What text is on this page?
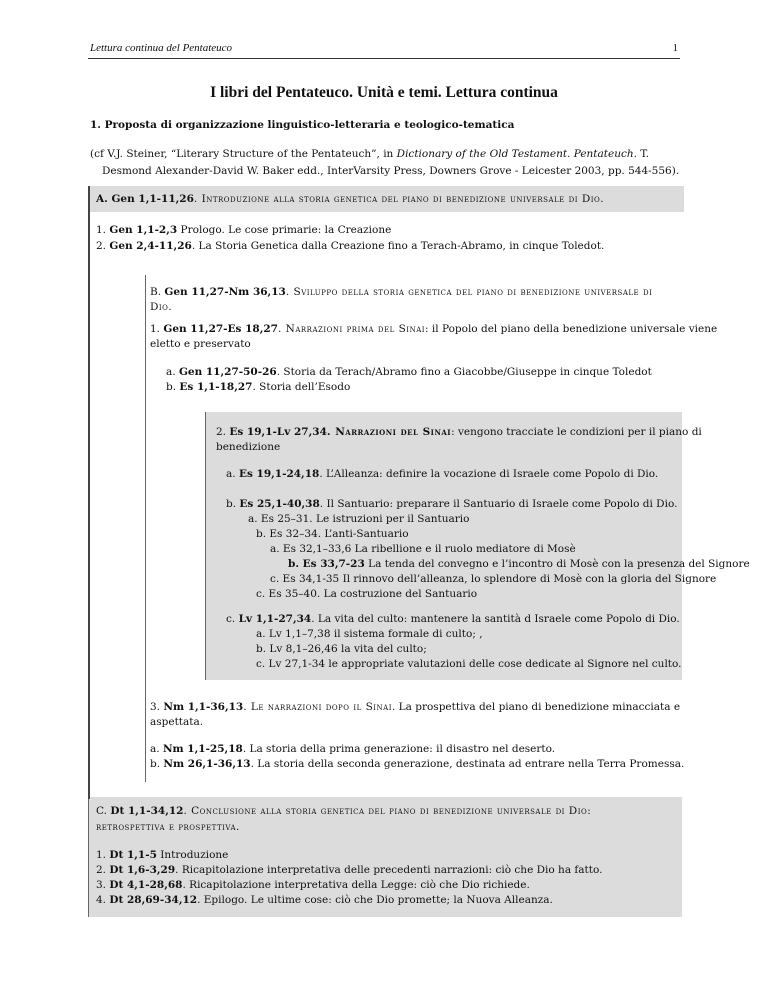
Lettura continua del Pentateuco	1
I libri del Pentateuco. Unità e temi. Lettura continua
1. Proposta di organizzazione linguistico-letteraria e teologico-tematica
(cf V.J. Steiner, “Literary Structure of the Pentateuch”, in Dictionary of the Old Testament. Pentateuch. T. Desmond Alexander-David W. Baker edd., InterVarsity Press, Downers Grove - Leicester 2003, pp. 544-556).
A. Gen 1,1-11,26. Introduzione alla storia genetica del piano di benedizione universale di Dio.
1. Gen 1,1-2,3 Prologo. Le cose primarie: la Creazione
2. Gen 2,4-11,26. La Storia Genetica dalla Creazione fino a Terach-Abramo, in cinque Toledot.
B. Gen 11,27-Nm 36,13. Sviluppo della storia genetica del piano di benedizione universale di
Dio.
1. Gen 11,27-Es 18,27. Narrazioni prima del Sinai: il Popolo del piano della benedizione universale viene
eletto e preservato
a. Gen 11,27-50-26. Storia da Terach/Abramo fino a Giacobbe/Giuseppe in cinque Toledot
b. Es 1,1-18,27. Storia dell’Esodo
2. Es 19,1-Lv 27,34. Narrazioni del Sinai: vengono tracciate le condizioni per il piano di
benedizione
a. Es 19,1-24,18. L’Alleanza: definire la vocazione di Israele come Popolo di Dio.
b. Es 25,1-40,38. Il Santuario: preparare il Santuario di Israele come Popolo di Dio.
a. Es 25–31. Le istruzioni per il Santuario
b. Es 32–34. L’anti-Santuario
a. Es 32,1–33,6 La ribellione e il ruolo mediatore di Mosè
b. Es 33,7-23 La tenda del convegno e l’incontro di Mosè con la presenza del Signore
c. Es 34,1-35 Il rinnovo dell’alleanza, lo splendore di Mosè con la gloria del Signore
c. Es 35–40. La costruzione del Santuario
c. Lv 1,1-27,34. La vita del culto: mantenere la santità d Israele come Popolo di Dio.
a. Lv 1,1–7,38 il sistema formale di culto; ,
b. Lv 8,1–26,46 la vita del culto;
c. Lv 27,1-34 le appropriate valutazioni delle cose dedicate al Signore nel culto.
3. Nm 1,1-36,13. Le narrazioni dopo il Sinai. La prospettiva del piano di benedizione minacciata e
aspettata.
a. Nm 1,1-25,18. La storia della prima generazione: il disastro nel deserto.
b. Nm 26,1-36,13. La storia della seconda generazione, destinata ad entrare nella Terra Promessa.
C. Dt 1,1-34,12. Conclusione alla storia genetica del piano di benedizione universale di Dio:
retrospettiva e prospettiva.
1. Dt 1,1-5 Introduzione
2. Dt 1,6-3,29. Ricapitolazione interpretativa delle precedenti narrazioni: ciò che Dio ha fatto.
3. Dt 4,1-28,68. Ricapitolazione interpretativa della Legge: ciò che Dio richiede.
4. Dt 28,69-34,12. Epilogo. Le ultime cose: ciò che Dio promette; la Nuova Alleanza.
